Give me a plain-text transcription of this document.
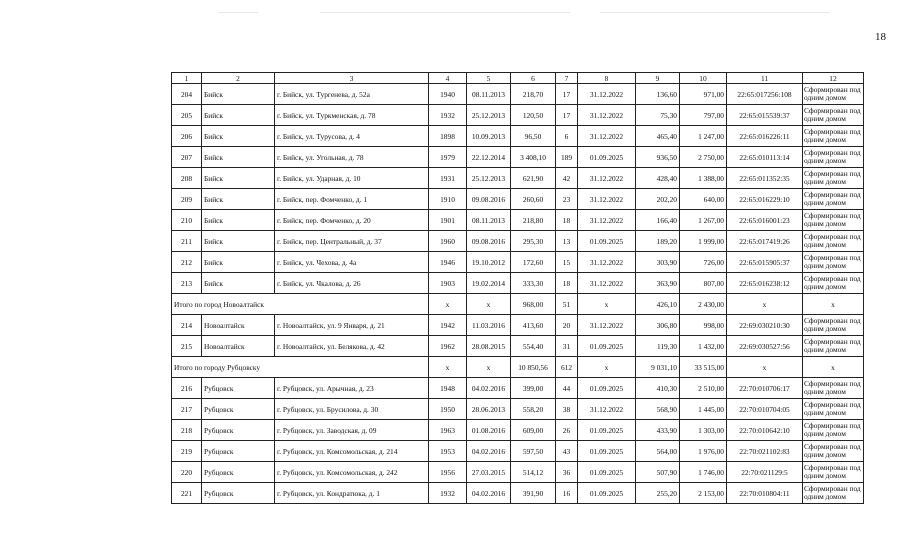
18
1	2	3	4	5	6	7	8	9	10	11	12
204	Бийск	г. Бийск, ул. Тургенева, д. 52а	1940	08.11.2013	218,70	17	31.12.2022	136,60	971,00	22:65:017256:108	Сформирован под одним домом
205	Бийск	г. Бийск, ул. Туркменская, д. 78	1932	25.12.2013	120,50	17	31.12.2022	75,30	797,00	22:65:015539:37	Сформирован под одним домом
206	Бийск	г. Бийск, ул. Турусова, д. 4	1898	10.09.2013	96,50	6	31.12.2022	465,40	1 247,00	22:65:016226:11	Сформирован под одним домом
207	Бийск	г. Бийск, ул. Угольная, д. 78	1979	22.12.2014	3 408,10	189	01.09.2025	936,50	2 750,00	22:65:010113:14	Сформирован под одним домом
208	Бийск	г. Бийск, ул. Ударная, д. 10	1931	25.12.2013	621,90	42	31.12.2022	428,40	1 388,00	22:65:011352:35	Сформирован под одним домом
209	Бийск	г. Бийск, пер. Фомченко, д. 1	1910	09.08.2016	260,60	23	31.12.2022	202,20	640,00	22:65:016229:10	Сформирован под одним домом
210	Бийск	г. Бийск, пер. Фомченко, д. 20	1901	08.11.2013	218,80	18	31.12.2022	166,40	1 267,00	22:65:016001:23	Сформирован под одним домом
211	Бийск	г. Бийск, пер. Центральный, д. 37	1960	09.08.2016	295,30	13	01.09.2025	189,20	1 999,00	22:65:017419:26	Сформирован под одним домом
212	Бийск	г. Бийск, ул. Чехова, д. 4а	1946	19.10.2012	172,60	15	31.12.2022	303,90	726,00	22:65:015905:37	Сформирован под одним домом
213	Бийск	г. Бийск, ул. Чкалова, д. 26	1903	19.02.2014	333,30	18	31.12.2022	363,90	807,00	22:65:016238:12	Сформирован под одним домом
Итого по город Новоалтайск			x	x	968,00	51	x	426,10	2 430,00	x	x
214	Новоалтайск	г. Новоалтайск, ул. 9 Января, д. 21	1942	11.03.2016	413,60	20	31.12.2022	306,80	998,00	22:69:030210:30	Сформирован под одним домом
215	Новоалтайск	г. Новоалтайск, ул. Белякова, д. 42	1962	28.08.2015	554,40	31	01.09.2025	119,30	1 432,00	22:69:030527:56	Сформирован под одним домом
Итого по городу Рубцовску			x	x	10 850,56	612	x	9 031,10	33 515,00	x	x
216	Рубцовск	г. Рубцовск, ул. Арычная, д. 23	1948	04.02.2016	399,00	44	01.09.2025	410,30	2 510,00	22:70:010706:17	Сформирован под одним домом
217	Рубцовск	г. Рубцовск, ул. Брусилова, д. 30	1950	28.06.2013	558,20	38	31.12.2022	568,90	1 445,00	22:70:010704:05	Сформирован под одним домом
218	Рубцовск	г. Рубцовск, ул. Заводская, д. 09	1963	01.08.2016	609,00	26	01.09.2025	433,90	1 303,00	22:70:010642:10	Сформирован под одним домом
219	Рубцовск	г. Рубцовск, ул. Комсомольская, д. 214	1953	04.02.2016	597,50	43	01.09.2025	564,00	1 976,00	22:70:021102:83	Сформирован под одним домом
220	Рубцовск	г. Рубцовск, ул. Комсомольская, д. 242	1956	27.03.2015	514,12	36	01.09.2025	507,90	1 746,00	22:70:021129:5	Сформирован под одним домом
221	Рубцовск	г. Рубцовск, ул. Кондратюка, д. 1	1932	04.02.2016	391,90	16	01.09.2025	255,20	2 153,00	22:70:010804:11	Сформирован под одним домом
